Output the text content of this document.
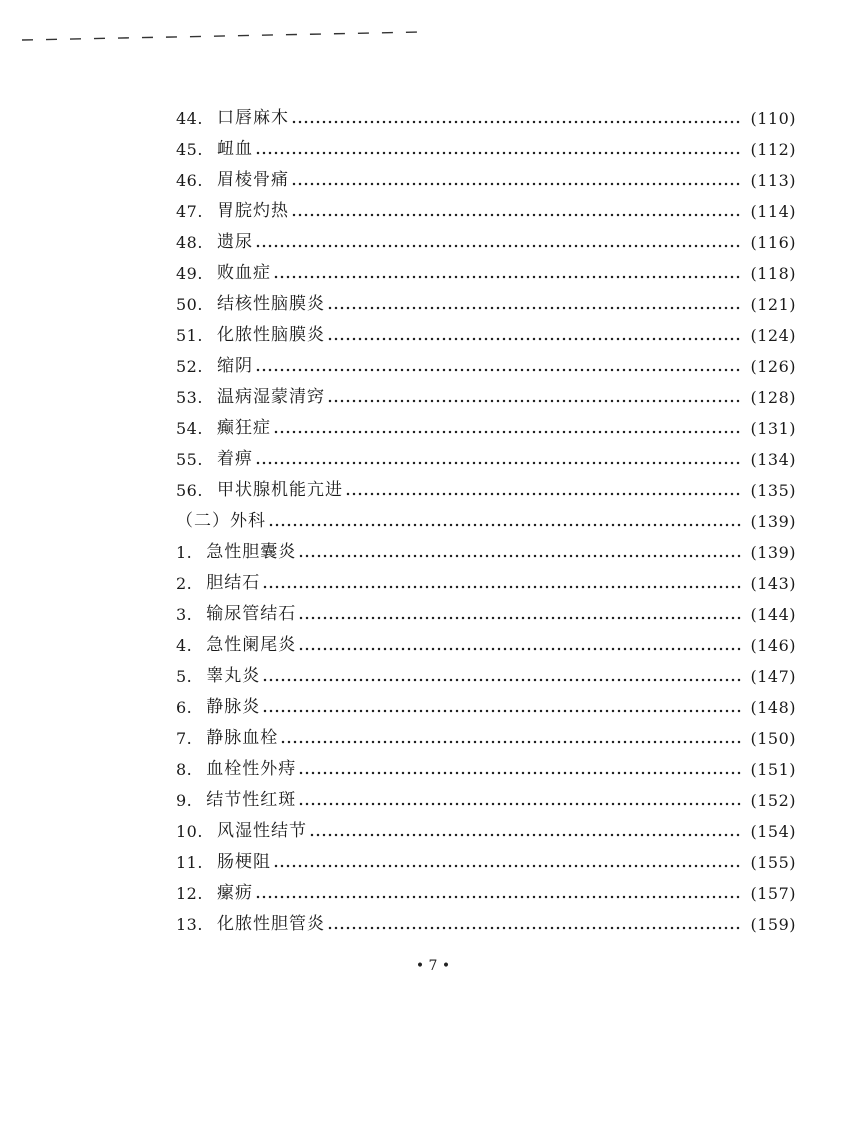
44. 口唇麻木	(110)
45. 衄血	(112)
46. 眉棱骨痛	(113)
47. 胃脘灼热	(114)
48. 遗尿	(116)
49. 败血症	(118)
50. 结核性脑膜炎	(121)
51. 化脓性脑膜炎	(124)
52. 缩阴	(126)
53. 温病湿蒙清窍	(128)
54. 癫狂症	(131)
55. 着痹	(134)
56. 甲状腺机能亢进	(135)
（二）外科	(139)
1. 急性胆囊炎	(139)
2. 胆结石	(143)
3. 输尿管结石	(144)
4. 急性阑尾炎	(146)
5. 睾丸炎	(147)
6. 静脉炎	(148)
7. 静脉血栓	(150)
8. 血栓性外痔	(151)
9. 结节性红斑	(152)
10. 风湿性结节	(154)
11. 肠梗阻	(155)
12. 瘰疬	(157)
13. 化脓性胆管炎	(159)
• 7 •
